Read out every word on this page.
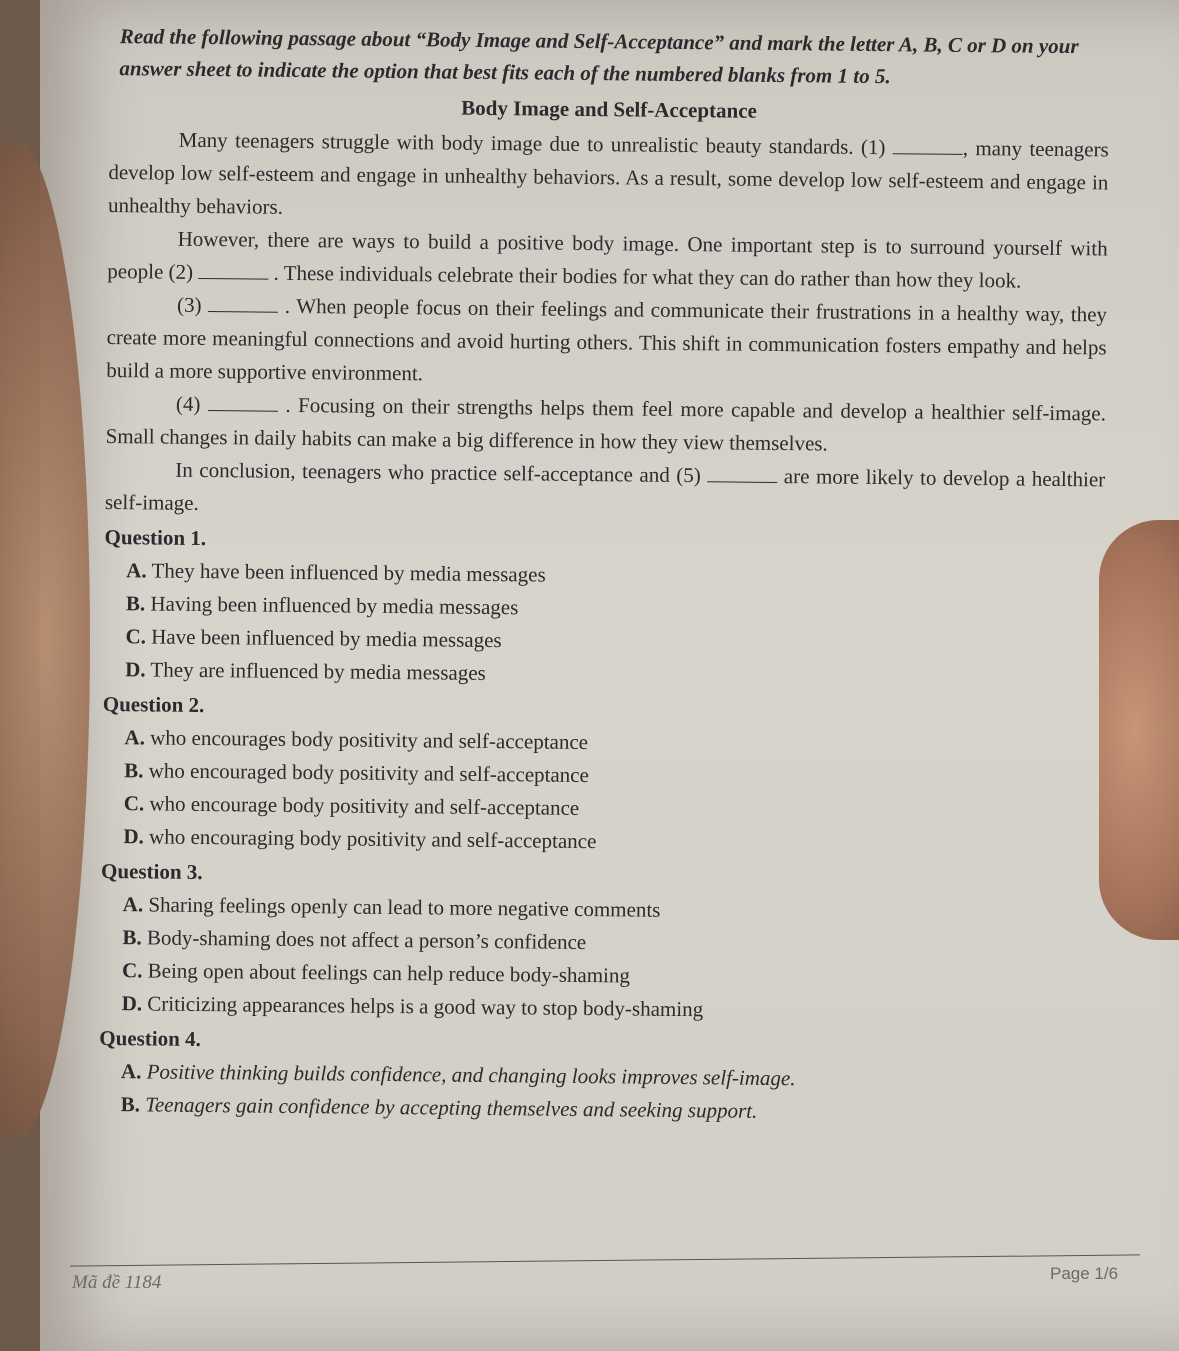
Read the following passage about “Body Image and Self-Acceptance” and mark the letter A, B, C or D on your answer sheet to indicate the option that best fits each of the numbered blanks from 1 to 5.

Body Image and Self-Acceptance

Many teenagers struggle with body image due to unrealistic beauty standards. (1)	, many teenagers develop low self-esteem and engage in unhealthy behaviors. As a result, some develop low self-esteem and engage in unhealthy behaviors.

However, there are ways to build a positive body image. One important step is to surround yourself with people (2)	. These individuals celebrate their bodies for what they can do rather than how they look.

(3)	. When people focus on their feelings and communicate their frustrations in a healthy way, they create more meaningful connections and avoid hurting others. This shift in communication fosters empathy and helps build a more supportive environment.

(4)	. Focusing on their strengths helps them feel more capable and develop a healthier self-image. Small changes in daily habits can make a big difference in how they view themselves.

In conclusion, teenagers who practice self-acceptance and (5)	are more likely to develop a healthier self-image.

Question 1.
A. They have been influenced by media messages
B. Having been influenced by media messages
C. Have been influenced by media messages
D. They are influenced by media messages
Question 2.
A. who encourages body positivity and self-acceptance
B. who encouraged body positivity and self-acceptance
C. who encourage body positivity and self-acceptance
D. who encouraging body positivity and self-acceptance
Question 3.
A. Sharing feelings openly can lead to more negative comments
B. Body-shaming does not affect a person’s confidence
C. Being open about feelings can help reduce body-shaming
D. Criticizing appearances helps is a good way to stop body-shaming
Question 4.
A. Positive thinking builds confidence, and changing looks improves self-image.
B. Teenagers gain confidence by accepting themselves and seeking support.
Mã đề 1184	Page 1/6
